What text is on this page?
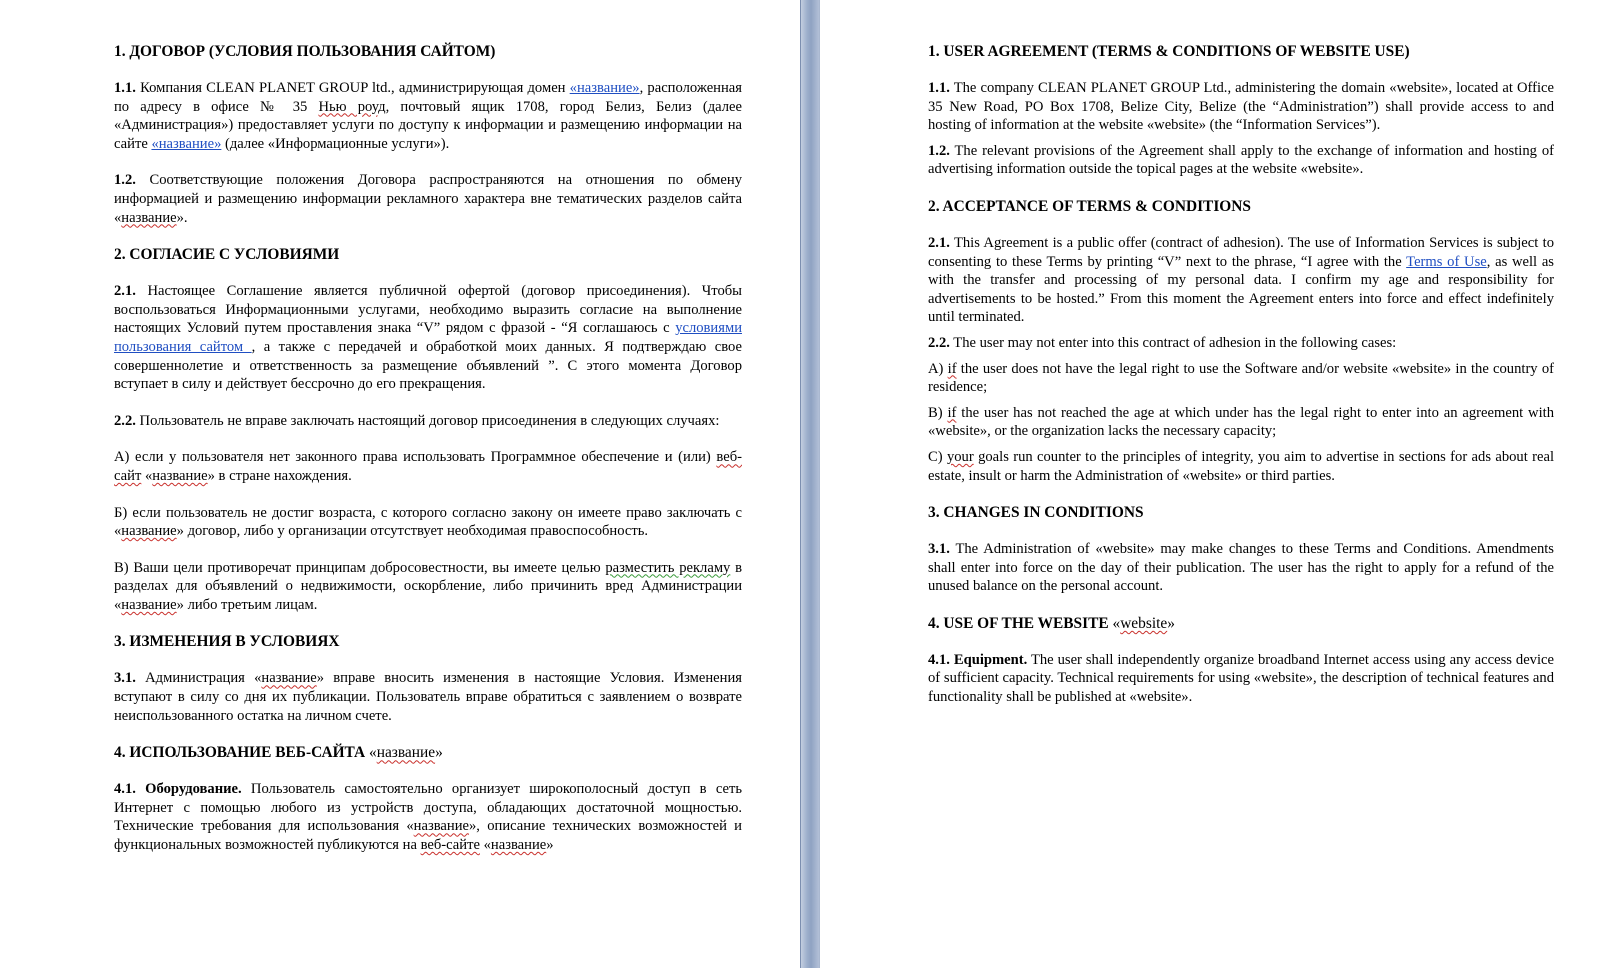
1. ДОГОВОР (УСЛОВИЯ ПОЛЬЗОВАНИЯ САЙТОМ)

1.1. Компания CLEAN PLANET GROUP ltd., администрирующая домен «название», расположенная по адресу в офисе № 35 Нью роуд, почтовый ящик 1708, город Белиз, Белиз (далее «Администрация») предоставляет услуги по доступу к информации и размещению информации на сайте «название» (далее «Информационные услуги»).

1.2. Соответствующие положения Договора распространяются на отношения по обмену информацией и размещению информации рекламного характера вне тематических разделов сайта «название».

2. СОГЛАСИЕ С УСЛОВИЯМИ

2.1. Настоящее Соглашение является публичной офертой (договор присоединения). Чтобы воспользоваться Информационными услугами, необходимо выразить согласие на выполнение настоящих Условий путем проставления знака “V” рядом с фразой - “Я соглашаюсь с условиями пользования сайтом , а также с передачей и обработкой моих данных. Я подтверждаю свое совершеннолетие и ответственность за размещение объявлений ”. С этого момента Договор вступает в силу и действует бессрочно до его прекращения.

2.2. Пользователь не вправе заключать настоящий договор присоединения в следующих случаях:

А) если у пользователя нет законного права использовать Программное обеспечение и (или) веб-сайт «название» в стране нахождения.

Б) если пользователь не достиг возраста, с которого согласно закону он имеете право заключать с «название» договор, либо у организации отсутствует необходимая правоспособность.

В) Ваши цели противоречат принципам добросовестности, вы имеете целью разместить рекламу в разделах для объявлений о недвижимости, оскорбление, либо причинить вред Администрации «название» либо третьим лицам.

3. ИЗМЕНЕНИЯ В УСЛОВИЯХ

3.1. Администрация «название» вправе вносить изменения в настоящие Условия. Изменения вступают в силу со дня их публикации. Пользователь вправе обратиться с заявлением о возврате неиспользованного остатка на личном счете.

4. ИСПОЛЬЗОВАНИЕ ВЕБ-САЙТА «название»

4.1. Оборудование. Пользователь самостоятельно организует широкополосный доступ в сеть Интернет с помощью любого из устройств доступа, обладающих достаточной мощностью. Технические требования для использования «название», описание технических возможностей и функциональных возможностей публикуются на веб-сайте «название»

1. USER AGREEMENT (TERMS & CONDITIONS OF WEBSITE USE)

1.1. The company CLEAN PLANET GROUP Ltd., administering the domain «website», located at Office 35 New Road, PO Box 1708, Belize City, Belize (the “Administration”) shall provide access to and hosting of information at the website «website» (the “Information Services”).

1.2. The relevant provisions of the Agreement shall apply to the exchange of information and hosting of advertising information outside the topical pages at the website «website».

2. ACCEPTANCE OF TERMS & CONDITIONS

2.1. This Agreement is a public offer (contract of adhesion). The use of Information Services is subject to consenting to these Terms by printing “V” next to the phrase, “I agree with the Terms of Use, as well as with the transfer and processing of my personal data. I confirm my age and responsibility for advertisements to be hosted.” From this moment the Agreement enters into force and effect indefinitely until terminated.

2.2. The user may not enter into this contract of adhesion in the following cases:

A) if the user does not have the legal right to use the Software and/or website «website» in the country of residence;

B) if the user has not reached the age at which under has the legal right to enter into an agreement with «website», or the organization lacks the necessary capacity;

C) your goals run counter to the principles of integrity, you aim to advertise in sections for ads about real estate, insult or harm the Administration of «website» or third parties.

3. CHANGES IN CONDITIONS

3.1. The Administration of «website» may make changes to these Terms and Conditions. Amendments shall enter into force on the day of their publication. The user has the right to apply for a refund of the unused balance on the personal account.

4. USE OF THE WEBSITE «website»

4.1. Equipment. The user shall independently organize broadband Internet access using any access device of sufficient capacity. Technical requirements for using «website», the description of technical features and functionality shall be published at «website».
